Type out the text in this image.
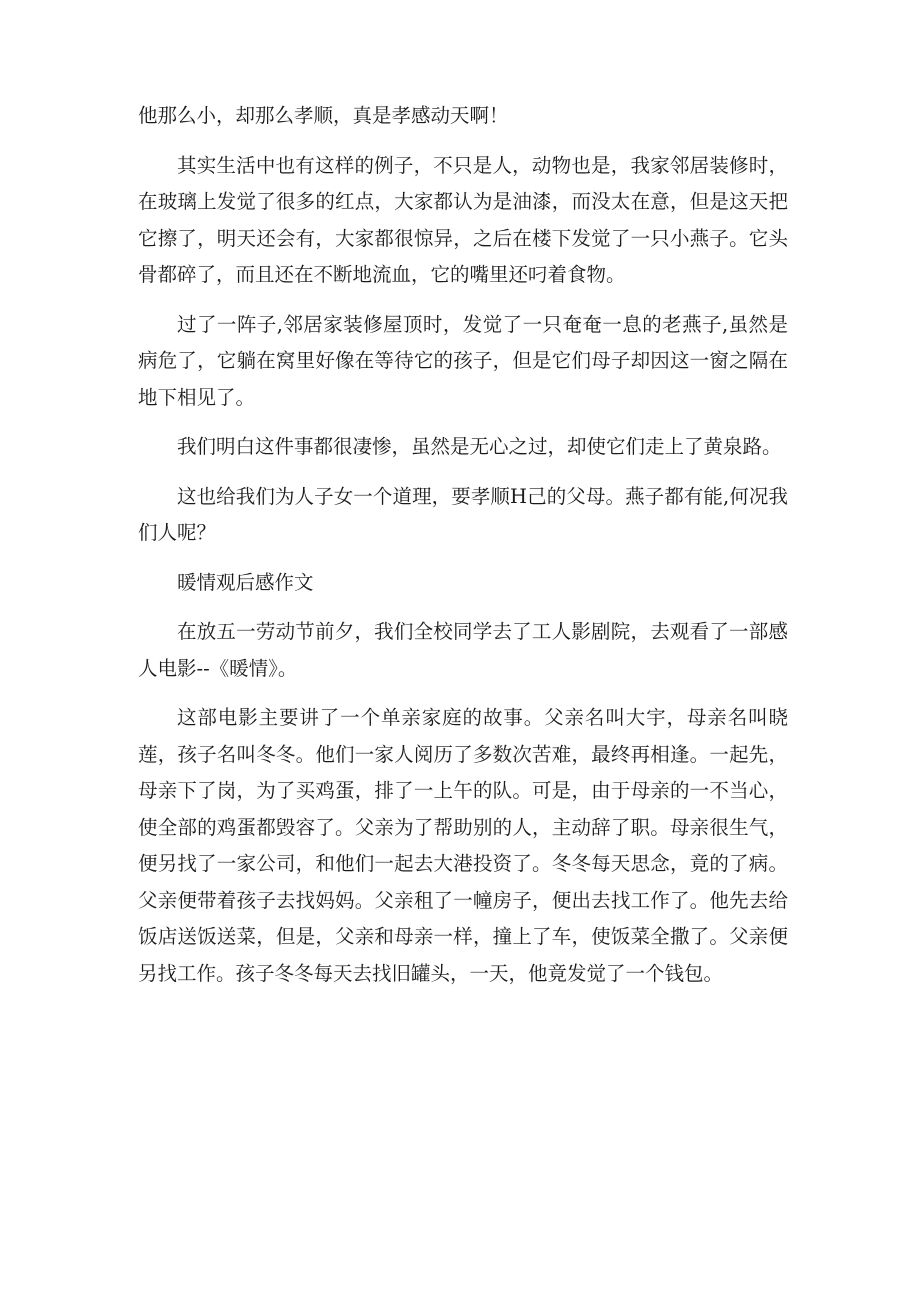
他那么小，却那么孝顺，真是孝感动天啊！

其实生活中也有这样的例子，不只是人，动物也是，我家邻居装修时，在玻璃上发觉了很多的红点，大家都认为是油漆，而没太在意，但是这天把它擦了，明天还会有，大家都很惊异，之后在楼下发觉了一只小燕子。它头骨都碎了，而且还在不断地流血，它的嘴里还叼着食物。

过了一阵子,邻居家装修屋顶时，发觉了一只奄奄一息的老燕子,虽然是病危了，它躺在窝里好像在等待它的孩子，但是它们母子却因这一窗之隔在地下相见了。

我们明白这件事都很凄惨，虽然是无心之过，却使它们走上了黄泉路。

这也给我们为人子女一个道理，要孝顺H己的父母。燕子都有能,何况我们人呢？

暖情观后感作文

在放五一劳动节前夕，我们全校同学去了工人影剧院，去观看了一部感人电影--《暖情》。

这部电影主要讲了一个单亲家庭的故事。父亲名叫大宇，母亲名叫晓莲，孩子名叫冬冬。他们一家人阅历了多数次苦难，最终再相逢。一起先，母亲下了岗，为了买鸡蛋，排了一上午的队。可是，由于母亲的一不当心，使全部的鸡蛋都毁容了。父亲为了帮助别的人，主动辞了职。母亲很生气，便另找了一家公司，和他们一起去大港投资了。冬冬每天思念，竟的了病。父亲便带着孩子去找妈妈。父亲租了一幢房子，便出去找工作了。他先去给饭店送饭送菜，但是，父亲和母亲一样，撞上了车，使饭菜全撒了。父亲便另找工作。孩子冬冬每天去找旧罐头，一天，他竟发觉了一个钱包。
